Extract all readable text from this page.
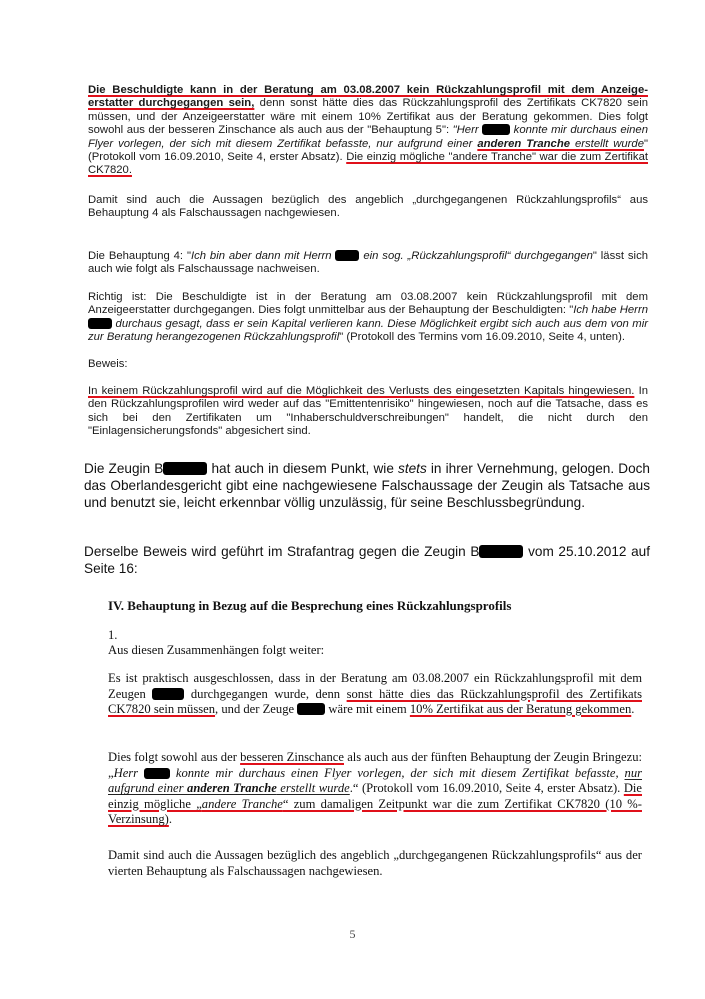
Die Beschuldigte kann in der Beratung am 03.08.2007 kein Rückzahlungsprofil mit dem Anzeige-erstatter durchgegangen sein, denn sonst hätte dies das Rückzahlungsprofil des Zertifikats CK7820 sein müssen, und der Anzeigeerstatter wäre mit einem 10% Zertifikat aus der Beratung gekommen. Dies folgt sowohl aus der besseren Zinschance als auch aus der "Behauptung 5": "Herr  konnte mir durchaus einen Flyer vorlegen, der sich mit diesem Zertifikat befasste, nur aufgrund einer anderen Tranche erstellt wurde" (Protokoll vom 16.09.2010, Seite 4, erster Absatz). Die einzig mögliche "andere Tranche" war die zum Zertifikat CK7820.
Damit sind auch die Aussagen bezüglich des angeblich „durchgegangenen Rückzahlungsprofils“ aus Behauptung 4 als Falschaussagen nachgewiesen.
Die Behauptung 4: "Ich bin aber dann mit Herrn  ein sog. „Rückzahlungsprofil“ durchgegangen" lässt sich auch wie folgt als Falschaussage nachweisen.
Richtig ist: Die Beschuldigte ist in der Beratung am 03.08.2007 kein Rückzahlungsprofil mit dem Anzeigeerstatter durchgegangen. Dies folgt unmittelbar aus der Behauptung der Beschuldigten: "Ich habe Herrn  durchaus gesagt, dass er sein Kapital verlieren kann. Diese Möglichkeit ergibt sich auch aus dem von mir zur Beratung herangezogenen Rückzahlungsprofil" (Protokoll des Termins vom 16.09.2010, Seite 4, unten).
Beweis:
In keinem Rückzahlungsprofil wird auf die Möglichkeit des Verlusts des eingesetzten Kapitals hingewiesen. In den Rückzahlungsprofilen wird weder auf das "Emittentenrisiko" hingewiesen, noch auf die Tatsache, dass es sich bei den Zertifikaten um "Inhaberschuldverschreibungen" handelt, die nicht durch den "Einlagensicherungsfonds" abgesichert sind.
Die Zeugin B	hat auch in diesem Punkt, wie stets in ihrer Vernehmung, gelogen. Doch das Oberlandesgericht gibt eine nachgewiesene Falschaussage der Zeugin als Tatsache aus und benutzt sie, leicht erkennbar völlig unzulässig, für seine Beschlussbegründung.
Derselbe Beweis wird geführt im Strafantrag gegen die Zeugin B	vom 25.10.2012 auf Seite 16:
IV. Behauptung in Bezug auf die Besprechung eines Rückzahlungsprofils
1.
Aus diesen Zusammenhängen folgt weiter:
Es ist praktisch ausgeschlossen, dass in der Beratung am 03.08.2007 ein Rückzahlungsprofil mit dem Zeugen	durchgegangen wurde, denn sonst hätte dies das Rückzahlungsprofil des Zertifikats CK7820 sein müssen, und der Zeuge  wäre mit einem 10% Zertifikat aus der Beratung gekommen.
Dies folgt sowohl aus der besseren Zinschance als auch aus der fünften Behauptung der Zeugin Bringezu: „Herr  konnte mir durchaus einen Flyer vorlegen, der sich mit diesem Zertifikat befasste, nur aufgrund einer anderen Tranche erstellt wurde.“ (Protokoll vom 16.09.2010, Seite 4, erster Absatz). Die einzig mögliche „andere Tranche“ zum damaligen Zeitpunkt war die zum Zertifikat CK7820 (10 %-Verzinsung).
Damit sind auch die Aussagen bezüglich des angeblich „durchgegangenen Rückzahlungsprofils“ aus der vierten Behauptung als Falschaussagen nachgewiesen.
5
